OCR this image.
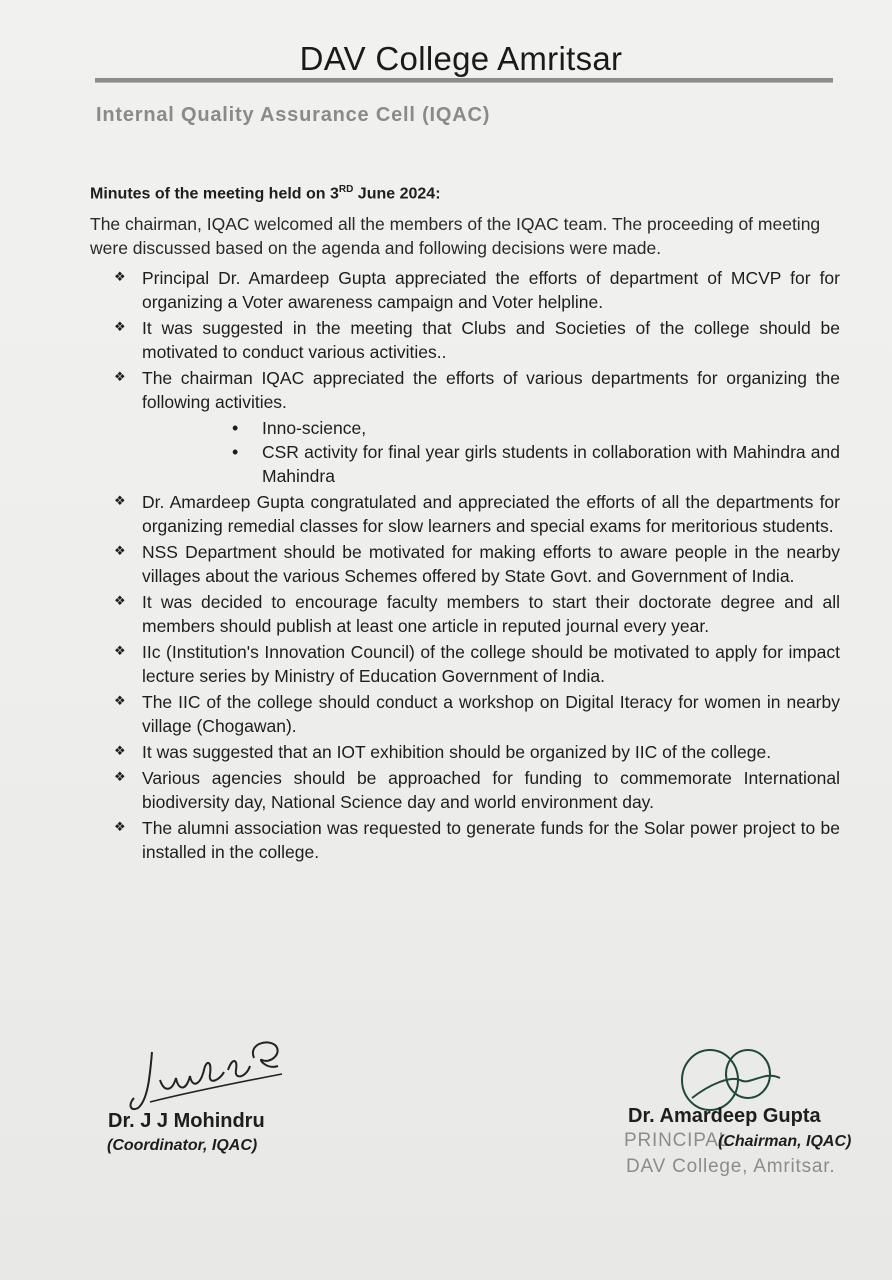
DAV College Amritsar
Internal Quality Assurance Cell (IQAC)
Minutes of the meeting held on 3RD June 2024:

The chairman, IQAC welcomed all the members of the IQAC team. The proceeding of meeting were discussed based on the agenda and following decisions were made.

❖ Principal Dr. Amardeep Gupta appreciated the efforts of department of MCVP for for organizing a Voter awareness campaign and Voter helpline.
❖ It was suggested in the meeting that Clubs and Societies of the college should be motivated to conduct various activities..
❖ The chairman IQAC appreciated the efforts of various departments for organizing the following activities.
• Inno-science,
• CSR activity for final year girls students in collaboration with Mahindra and Mahindra
❖ Dr. Amardeep Gupta congratulated and appreciated the efforts of all the departments for organizing remedial classes for slow learners and special exams for meritorious students.
❖ NSS Department should be motivated for making efforts to aware people in the nearby villages about the various Schemes offered by State Govt. and Government of India.
❖ It was decided to encourage faculty members to start their doctorate degree and all members should publish at least one article in reputed journal every year.
❖ IIc (Institution's Innovation Council) of the college should be motivated to apply for impact lecture series by Ministry of Education Government of India.
❖ The IIC of the college should conduct a workshop on Digital Iteracy for women in nearby village (Chogawan).
❖ It was suggested that an IOT exhibition should be organized by IIC of the college.
❖ Various agencies should be approached for funding to commemorate International biodiversity day, National Science day and world environment day.
❖ The alumni association was requested to generate funds for the Solar power project to be installed in the college.
Dr. J J Mohindru
(Coordinator, IQAC)
Dr. Amardeep Gupta
PRINCIPAL
(Chairman, IQAC)
DAV College, Amritsar.
